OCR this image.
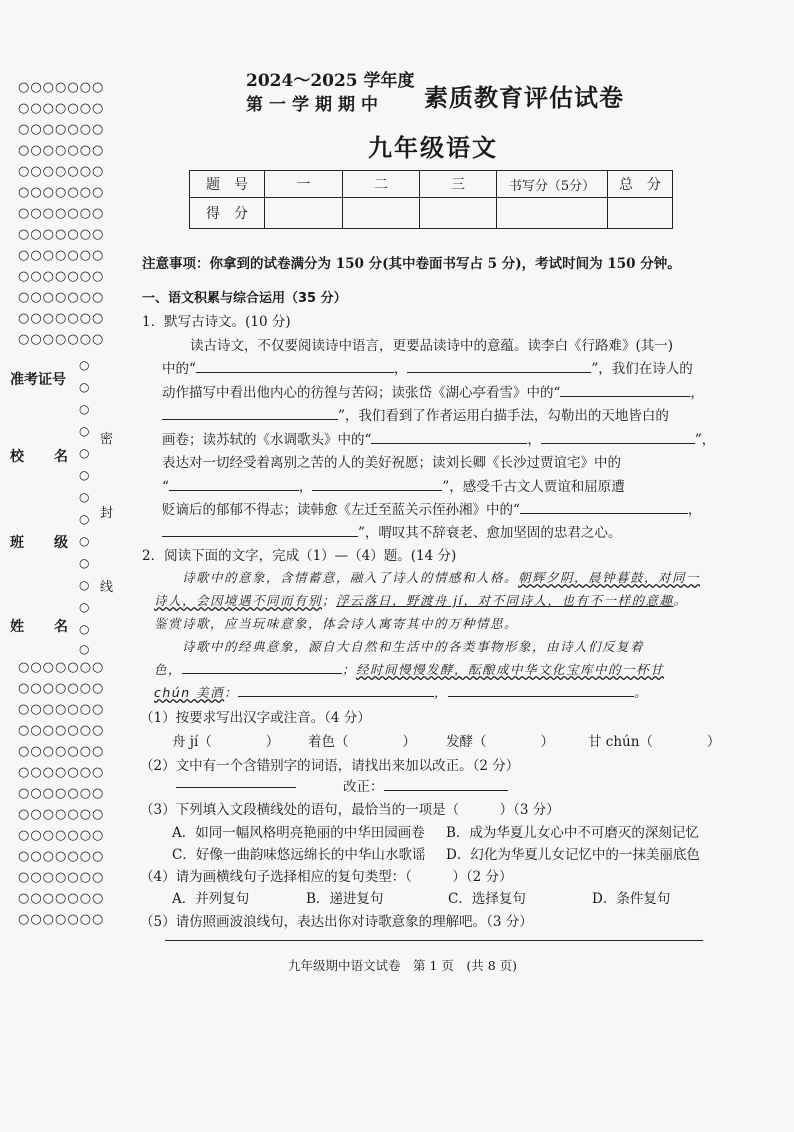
○○○○○○○
○○○○○○○
○○○○○○○
○○○○○○○
○○○○○○○
○○○○○○○
○○○○○○○
○○○○○○○
○○○○○○○
○○○○○○○
○○○○○○○
○○○○○○○
○○○○○○○
准考证号
校 名
班 级
姓 名
○
○
○
○
○
○
○
○
○
○
○
○
○
○
密
封
线
○○○○○○○
○○○○○○○
○○○○○○○
○○○○○○○
○○○○○○○
○○○○○○○
○○○○○○○
○○○○○○○
○○○○○○○
○○○○○○○
○○○○○○○
○○○○○○○
○○○○○○○
2024～2025 学年度
第一学期期中 素质教育评估试卷
九年级语文
题　号	一	二	三	书写分（5分）	总　分
得　分					
注意事项：你拿到的试卷满分为 150 分(其中卷面书写占 5 分)，考试时间为 150 分钟。
一、语文积累与综合运用（35 分）
1．默写古诗文。(10 分)
读古诗文，不仅要阅读诗中语言，更要品读诗中的意蕴。读李白《行路难》(其一)
中的“	，	”，我们在诗人的
动作描写中看出他内心的彷徨与苦闷；读张岱《湖心亭看雪》中的“	，
”，我们看到了作者运用白描手法，勾勒出的天地皆白的
画卷；读苏轼的《水调歌头》中的“	，	”，
表达对一切经受着离别之苦的人的美好祝愿；读刘长卿《长沙过贾谊宅》中的
“	，	”，感受千古文人贾谊和屈原遭
贬谪后的郁郁不得志；读韩愈《左迁至蓝关示侄孙湘》中的“	，
”，喟叹其不辞衰老、愈加坚固的忠君之心。
2．阅读下面的文字，完成（1）—（4）题。(14 分)
诗歌中的意象，含情蓄意，融入了诗人的情感和人格。朝辉夕阴，晨钟暮鼓，对同一
诗人，会因境遇不同而有别；浮云落日，野渡舟 jí，对不同诗人，也有不一样的意趣。
鉴赏诗歌，应当玩味意象，体会诗人寓寄其中的万种情思。
诗歌中的经典意象，源自大自然和生活中的各类事物形象，由诗人们反复着
色，	；经时间慢慢发酵，酝酿成中华文化宝库中的一杯甘
chún 美酒：	，	。
（1）按要求写出汉字或注音。（4 分）
舟 jí（　　　　） 着色（　　　　） 发酵（　　　　）	甘 chún（　　　　）
（2）文中有一个含错别字的词语，请找出来加以改正。（2 分）
改正：
（3）下列填入文段横线处的语句，最恰当的一项是（　　　）（3 分）
A．如同一幅风格明亮艳丽的中华田园画卷 B．成为华夏儿女心中不可磨灭的深刻记忆
C．好像一曲韵味悠远绵长的中华山水歌谣 D．幻化为华夏儿女记忆中的一抹美丽底色
（4）请为画横线句子选择相应的复句类型：（　　　）（2 分）
A．并列复句	B．递进复句	C．选择复句	D．条件复句
（5）请仿照画波浪线句，表达出你对诗歌意象的理解吧。（3 分）
九年级期中语文试卷　第 1 页　(共 8 页)
